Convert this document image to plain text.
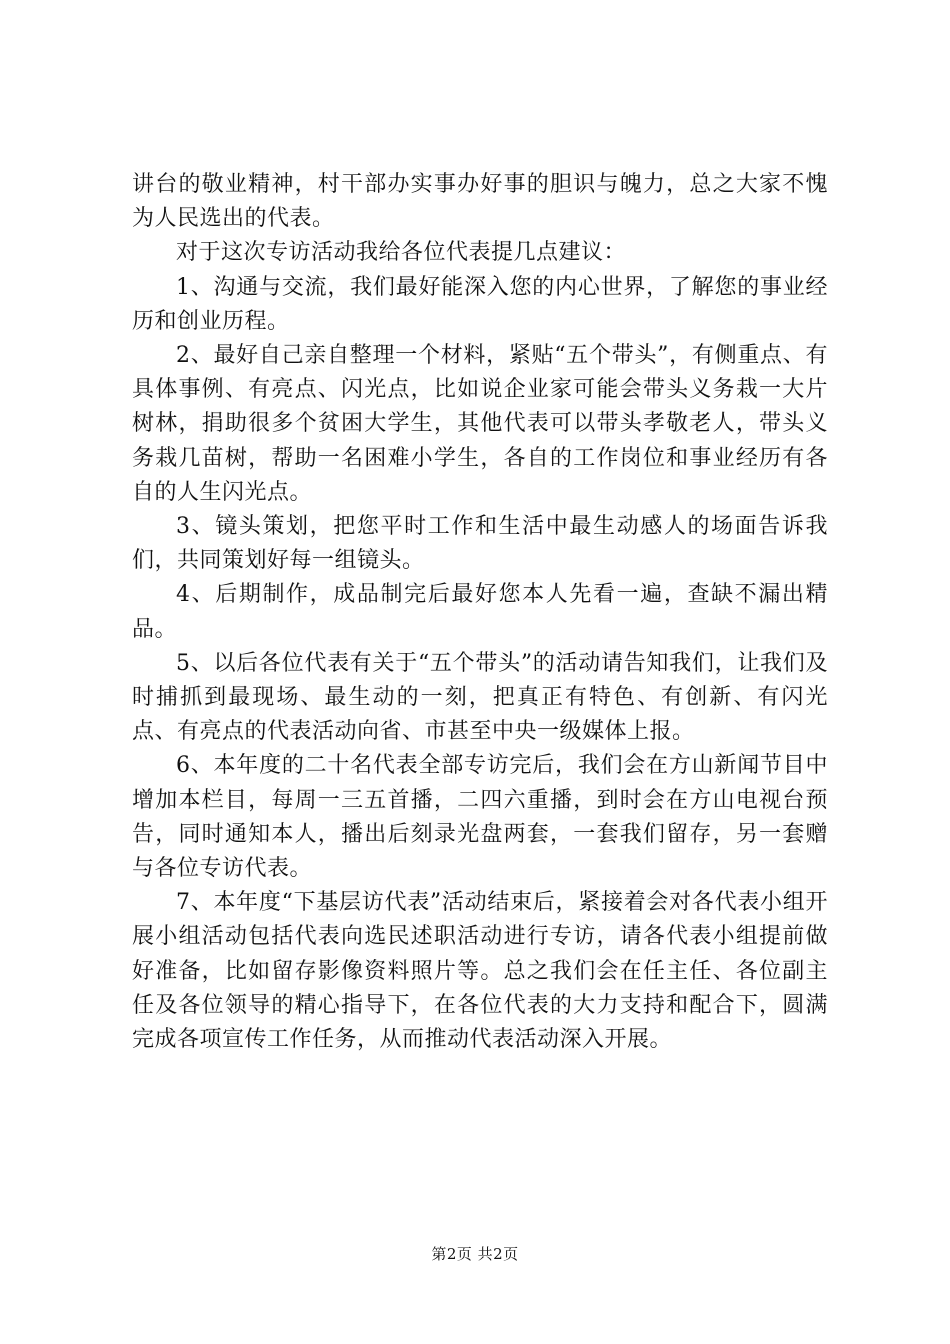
讲台的敬业精神，村干部办实事办好事的胆识与魄力，总之大家不愧为人民选出的代表。

对于这次专访活动我给各位代表提几点建议：

1、沟通与交流，我们最好能深入您的内心世界，了解您的事业经历和创业历程。

2、最好自己亲自整理一个材料，紧贴“五个带头”，有侧重点、有具体事例、有亮点、闪光点，比如说企业家可能会带头义务栽一大片树林，捐助很多个贫困大学生，其他代表可以带头孝敬老人，带头义务栽几苗树，帮助一名困难小学生，各自的工作岗位和事业经历有各自的人生闪光点。

3、镜头策划，把您平时工作和生活中最生动感人的场面告诉我们，共同策划好每一组镜头。

4、后期制作，成品制完后最好您本人先看一遍，查缺不漏出精品。

5、以后各位代表有关于“五个带头”的活动请告知我们，让我们及时捕抓到最现场、最生动的一刻，把真正有特色、有创新、有闪光点、有亮点的代表活动向省、市甚至中央一级媒体上报。

6、本年度的二十名代表全部专访完后，我们会在方山新闻节目中增加本栏目，每周一三五首播，二四六重播，到时会在方山电视台预告，同时通知本人，播出后刻录光盘两套，一套我们留存，另一套赠与各位专访代表。

7、本年度“下基层访代表”活动结束后，紧接着会对各代表小组开展小组活动包括代表向选民述职活动进行专访，请各代表小组提前做好准备，比如留存影像资料照片等。总之我们会在任主任、各位副主任及各位领导的精心指导下，在各位代表的大力支持和配合下，圆满完成各项宣传工作任务，从而推动代表活动深入开展。

第2页 共2页
